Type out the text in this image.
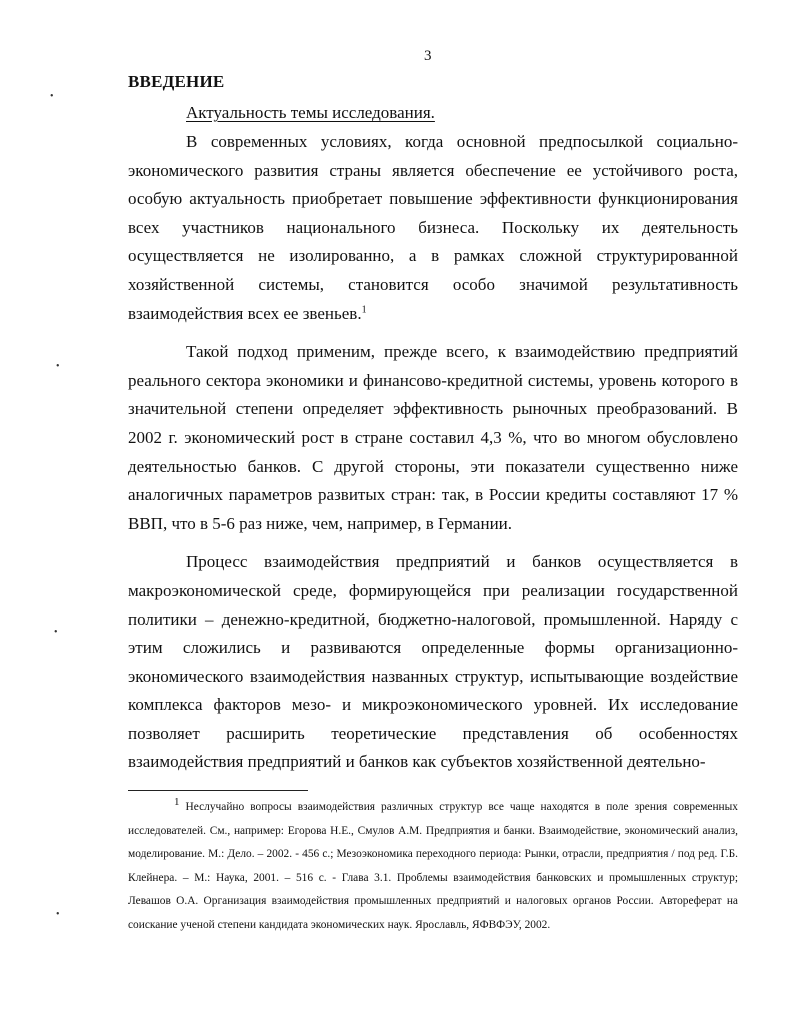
•
•
•
•
3
ВВЕДЕНИЕ
Актуальность темы исследования.

В современных условиях, когда основной предпосылкой социально-экономического развития страны является обеспечение ее устойчивого роста, особую актуальность приобретает повышение эффективности функционирования всех участников национального бизнеса. Поскольку их деятельность осуществляется не изолированно, а в рамках сложной структурированной хозяйственной системы, становится особо значимой результативность взаимодействия всех ее звеньев.$^1$

Такой подход применим, прежде всего, к взаимодействию предприятий реального сектора экономики и финансово-кредитной системы, уровень которого в значительной степени определяет эффективность рыночных преобразований. В 2002 г. экономический рост в стране составил 4,3 %, что во многом обусловлено деятельностью банков. С другой стороны, эти показатели существенно ниже аналогичных параметров развитых стран: так, в России кредиты составляют 17 % ВВП, что в 5-6 раз ниже, чем, например, в Германии.

Процесс взаимодействия предприятий и банков осуществляется в макроэкономической среде, формирующейся при реализации государственной политики – денежно-кредитной, бюджетно-налоговой, промышленной. Наряду с этим сложились и развиваются определенные формы организационно-экономического взаимодействия названных структур, испытывающие воздействие комплекса факторов мезо- и микроэкономического уровней. Их исследование позволяет расширить теоретические представления об особенностях взаимодействия предприятий и банков как субъектов хозяйственной деятельно-

$^1$ Неслучайно вопросы взаимодействия различных структур все чаще находятся в поле зрения современных исследователей. См., например: Егорова Н.Е., Смулов А.М. Предприятия и банки. Взаимодействие, экономический анализ, моделирование. М.: Дело. – 2002. - 456 с.; Мезоэкономика переходного периода: Рынки, отрасли, предприятия / под ред. Г.Б. Клейнера. – М.: Наука, 2001. – 516 с. - Глава 3.1. Проблемы взаимодействия банковских и промышленных структур; Левашов О.А. Организация взаимодействия промышленных предприятий и налоговых органов России. Автореферат на соискание ученой степени кандидата экономических наук. Ярославль, ЯФВФЭУ, 2002.
